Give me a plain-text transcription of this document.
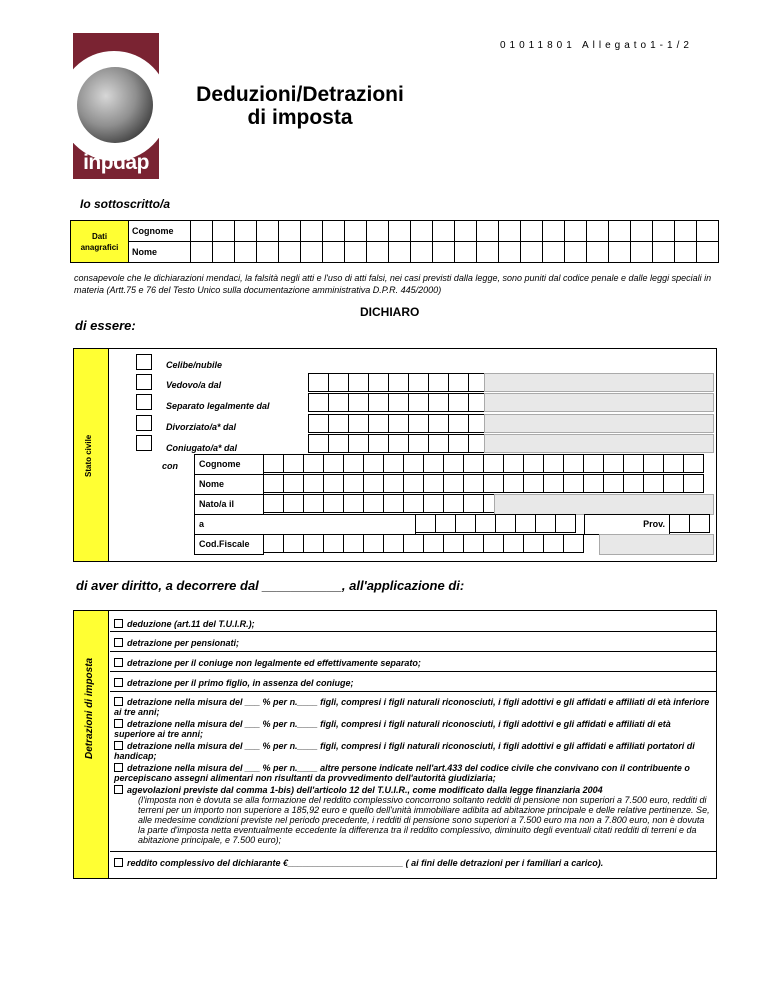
01011801 Allegato1-1/2
inpdap
Deduzioni/Detrazioni
di imposta
Io sottoscritto/a
Dati
anagrafici	Cognome																								
	Nome																								
consapevole che le dichiarazioni mendaci, la falsità negli atti e l'uso di atti falsi, nei casi previsti dalla legge, sono puniti dal codice penale e dalle leggi speciali in materia (Artt.75 e 76 del Testo Unico sulla documentazione amministrativa D.P.R. 445/2000)
DICHIARO
di essere:
Stato civile
Celibe/nubile
Vedovo/a dal
Separato legalmente dal
Divorziato/a* dal
Coniugato/a* dal
con	Cognome
Nome
Nato/a il
a	Prov.
Cod.Fiscale
di aver diritto, a decorrere dal ___________, all'applicazione di:
Detrazioni di imposta
deduzione (art.11 del T.U.I.R.);
detrazione per pensionati;
detrazione per il coniuge non legalmente ed effettivamente separato;
detrazione per il primo figlio, in assenza del coniuge;
detrazione nella misura del ___ % per n.____ figli, compresi i figli naturali riconosciuti, i figli adottivi e gli affidati e affiliati di età inferiore ai tre anni;
detrazione nella misura del ___ % per n.____ figli, compresi i figli naturali riconosciuti, i figli adottivi e gli affidati e affiliati di età superiore ai tre anni;
detrazione nella misura del ___ % per n.____ figli, compresi i figli naturali riconosciuti, i figli adottivi e gli affidati e affiliati portatori di handicap;
detrazione nella misura del ___ % per n.____ altre persone indicate nell'art.433 del codice civile che convivano con il contribuente o percepiscano assegni alimentari non risultanti da provvedimento dell'autorità giudiziaria;
agevolazioni previste dal comma 1-bis) dell'articolo 12 del T.U.I.R., come modificato dalla legge finanziaria 2004
(l'imposta non è dovuta se alla formazione del reddito complessivo concorrono soltanto redditi di pensione non superiori a 7.500 euro, redditi di terreni per un importo non superiore a 185,92 euro e quello dell'unità immobiliare adibita ad abitazione principale e delle relative pertinenze. Se, alle medesime condizioni previste nel periodo precedente, i redditi di pensione sono superiori a 7.500 euro ma non a 7.800 euro, non è dovuta la parte d'imposta netta eventualmente eccedente la differenza tra il reddito complessivo, diminuito degli eventuali citati redditi di terreni e da abitazione principale, e 7.500 euro);
reddito complessivo del dichiarante €_______________________ ( ai fini delle detrazioni per i familiari a carico).
